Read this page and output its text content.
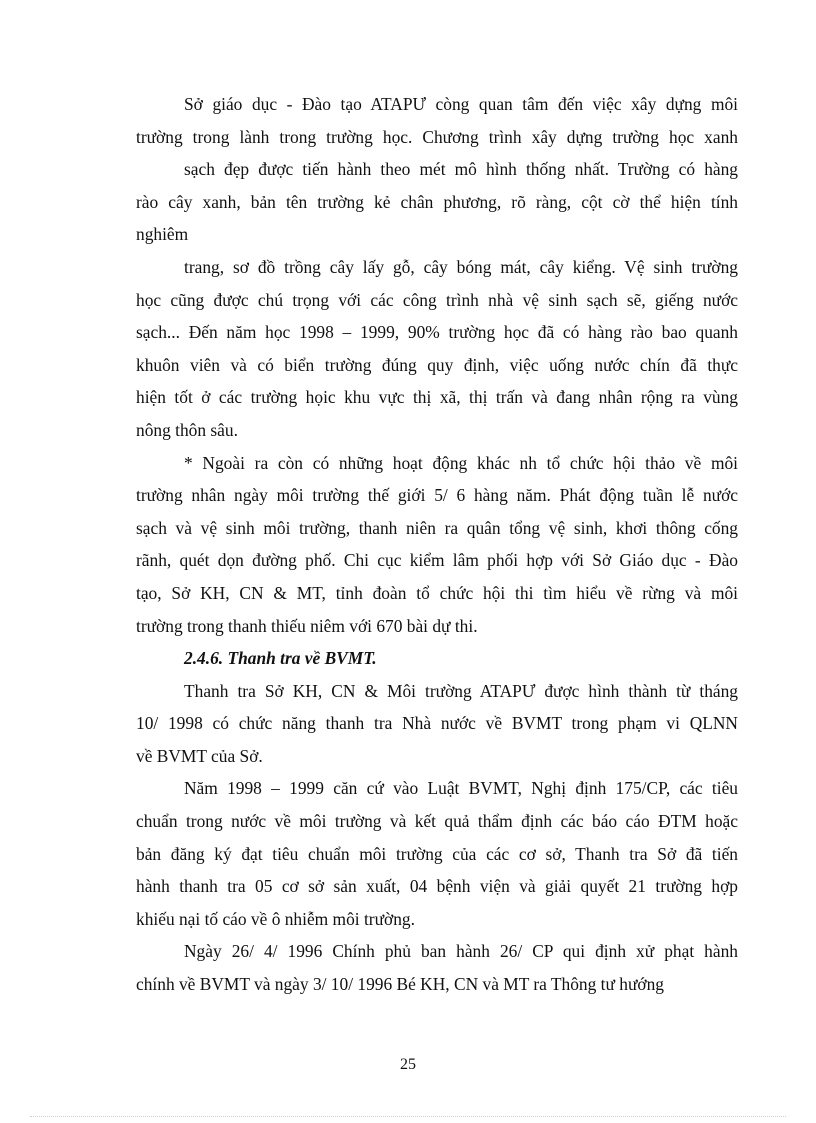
Sở giáo dục - Đào tạo ATAPƯ còng quan tâm đến việc xây dựng môi
trường trong lành trong trường học. Chương trình xây dựng trường học xanh
sạch đẹp được tiến hành theo mét mô hình thống nhất. Trường có hàng
rào cây xanh, bản tên trường kẻ chân phương, rõ ràng, cột cờ thể hiện tính
nghiêm
trang, sơ đồ trồng cây lấy gỗ, cây bóng mát, cây kiểng. Vệ sinh trường
học cũng được chú trọng với các công trình nhà vệ sinh sạch sẽ, giếng nước
sạch... Đến năm học 1998 – 1999, 90% trường học đã có hàng rào bao quanh
khuôn viên và có biển trường đúng quy định, việc uống nước chín đã thực
hiện tốt ở các trường họic khu vực thị xã, thị trấn và đang nhân rộng ra vùng
nông thôn sâu.
* Ngoài ra còn có những hoạt động khác nh tổ chức hội thảo về môi
trường nhân ngày môi trường thế giới 5/ 6 hàng năm. Phát động tuần lễ nước
sạch và vệ sinh môi trường, thanh niên ra quân tổng vệ sinh, khơi thông cống
rãnh, quét dọn đường phố. Chi cục kiểm lâm phối hợp với Sở Giáo dục - Đào
tạo, Sở KH, CN & MT, tỉnh đoàn tổ chức hội thi tìm hiểu về rừng và môi
trường trong thanh thiếu niêm với 670 bài dự thi.
2.4.6. Thanh tra về BVMT.
Thanh tra Sở KH, CN & Môi trường ATAPƯ được hình thành từ tháng
10/ 1998 có chức năng thanh tra Nhà nước về BVMT trong phạm vi QLNN
về BVMT của Sở.
Năm 1998 – 1999 căn cứ vào Luật BVMT, Nghị định 175/CP, các tiêu
chuẩn trong nước về môi trường và kết quả thẩm định các báo cáo ĐTM hoặc
bản đăng ký đạt tiêu chuẩn môi trường của các cơ sở, Thanh tra Sở đã tiến
hành thanh tra 05 cơ sở sản xuất, 04 bệnh viện và giải quyết 21 trường hợp
khiếu nại tố cáo về ô nhiễm môi trường.
Ngày 26/ 4/ 1996 Chính phủ ban hành 26/ CP qui định xử phạt hành
chính về BVMT và ngày 3/ 10/ 1996 Bé KH, CN và MT ra Thông tư hướng
25
